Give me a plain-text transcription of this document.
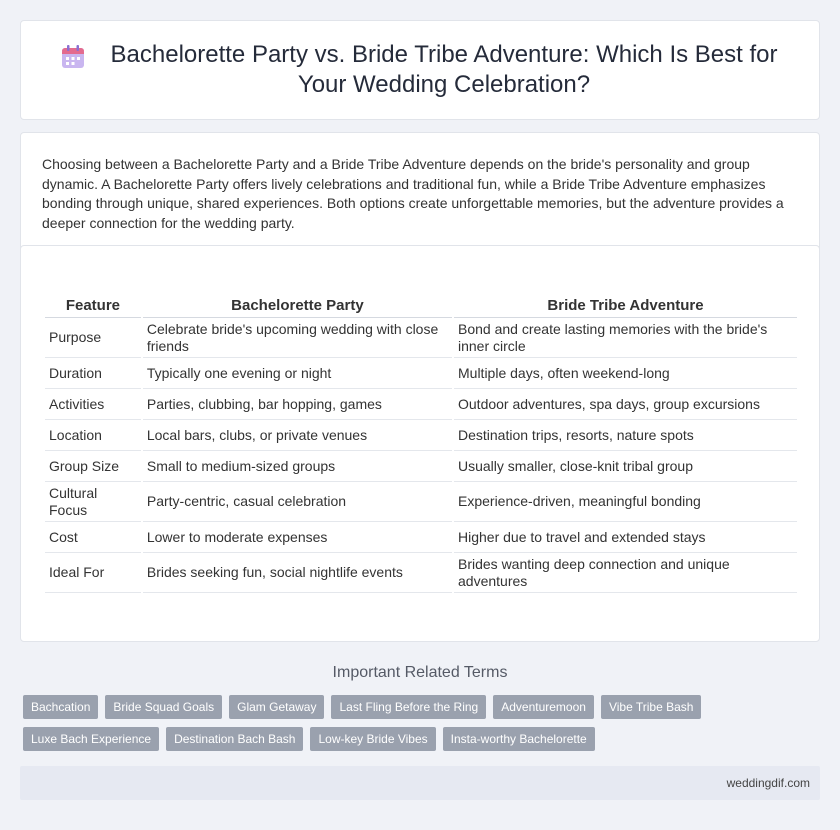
Bachelorette Party vs. Bride Tribe Adventure: Which Is Best for Your Wedding Celebration?

Choosing between a Bachelorette Party and a Bride Tribe Adventure depends on the bride's personality and group dynamic. A Bachelorette Party offers lively celebrations and traditional fun, while a Bride Tribe Adventure emphasizes bonding through unique, shared experiences. Both options create unforgettable memories, but the adventure provides a deeper connection for the wedding party.

Feature	Bachelorette Party	Bride Tribe Adventure
Purpose	Celebrate bride's upcoming wedding with close friends	Bond and create lasting memories with the bride's inner circle
Duration	Typically one evening or night	Multiple days, often weekend-long
Activities	Parties, clubbing, bar hopping, games	Outdoor adventures, spa days, group excursions
Location	Local bars, clubs, or private venues	Destination trips, resorts, nature spots
Group Size	Small to medium-sized groups	Usually smaller, close-knit tribal group
Cultural Focus	Party-centric, casual celebration	Experience-driven, meaningful bonding
Cost	Lower to moderate expenses	Higher due to travel and extended stays
Ideal For	Brides seeking fun, social nightlife events	Brides wanting deep connection and unique adventures
Important Related Terms
Bachcation	Bride Squad Goals	Glam Getaway	Last Fling Before the Ring	Adventuremoon	Vibe Tribe Bash
Luxe Bach Experience	Destination Bach Bash	Low-key Bride Vibes	Insta-worthy Bachelorette
weddingdif.com
